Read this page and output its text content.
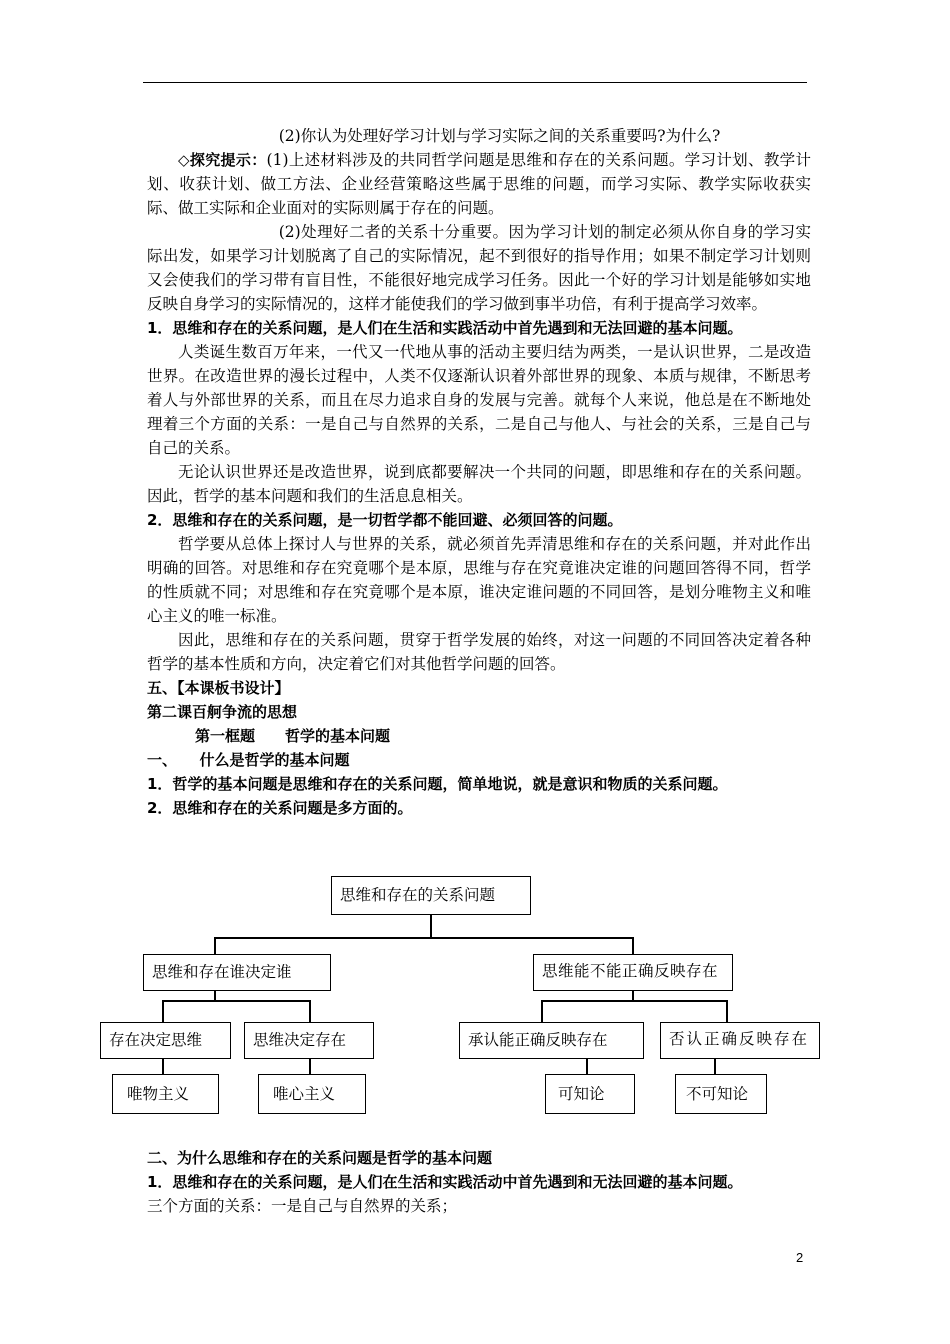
(2)你认为处理好学习计划与学习实际之间的关系重要吗?为什么?

◇探究提示：(1)上述材料涉及的共同哲学问题是思维和存在的关系问题。学习计划、教学计划、收获计划、做工方法、企业经营策略这些属于思维的问题，而学习实际、教学实际收获实际、做工实际和企业面对的实际则属于存在的问题。

(2)处理好二者的关系十分重要。因为学习计划的制定必须从你自身的学习实际出发，如果学习计划脱离了自己的实际情况，起不到很好的指导作用；如果不制定学习计划则又会使我们的学习带有盲目性，不能很好地完成学习任务。因此一个好的学习计划是能够如实地反映自身学习的实际情况的，这样才能使我们的学习做到事半功倍，有利于提高学习效率。

1．思维和存在的关系问题，是人们在生活和实践活动中首先遇到和无法回避的基本问题。

人类诞生数百万年来，一代又一代地从事的活动主要归结为两类，一是认识世界，二是改造世界。在改造世界的漫长过程中，人类不仅逐渐认识着外部世界的现象、本质与规律，不断思考着人与外部世界的关系，而且在尽力追求自身的发展与完善。就每个人来说，他总是在不断地处理着三个方面的关系：一是自己与自然界的关系，二是自己与他人、与社会的关系，三是自己与自己的关系。

无论认识世界还是改造世界，说到底都要解决一个共同的问题，即思维和存在的关系问题。因此，哲学的基本问题和我们的生活息息相关。

2．思维和存在的关系问题，是一切哲学都不能回避、必须回答的问题。

哲学要从总体上探讨人与世界的关系，就必须首先弄清思维和存在的关系问题，并对此作出明确的回答。对思维和存在究竟哪个是本原，思维与存在究竟谁决定谁的问题回答得不同，哲学的性质就不同；对思维和存在究竟哪个是本原，谁决定谁问题的不同回答，是划分唯物主义和唯心主义的唯一标准。

因此，思维和存在的关系问题，贯穿于哲学发展的始终，对这一问题的不同回答决定着各种哲学的基本性质和方向，决定着它们对其他哲学问题的回答。

五、【本课板书设计】

第二课百舸争流的思想

第一框题　　哲学的基本问题

一、　　什么是哲学的基本问题

1．哲学的基本问题是思维和存在的关系问题，简单地说，就是意识和物质的关系问题。

2．思维和存在的关系问题是多方面的。

思维和存在的关系问题
思维和存在谁决定谁	思维能不能正确反映存在
存在决定思维	思维决定存在	承认能正确反映存在	否认正确反映存在
唯物主义	唯心主义	可知论	不可知论

二、为什么思维和存在的关系问题是哲学的基本问题

1．思维和存在的关系问题，是人们在生活和实践活动中首先遇到和无法回避的基本问题。

三个方面的关系：一是自己与自然界的关系；

2
